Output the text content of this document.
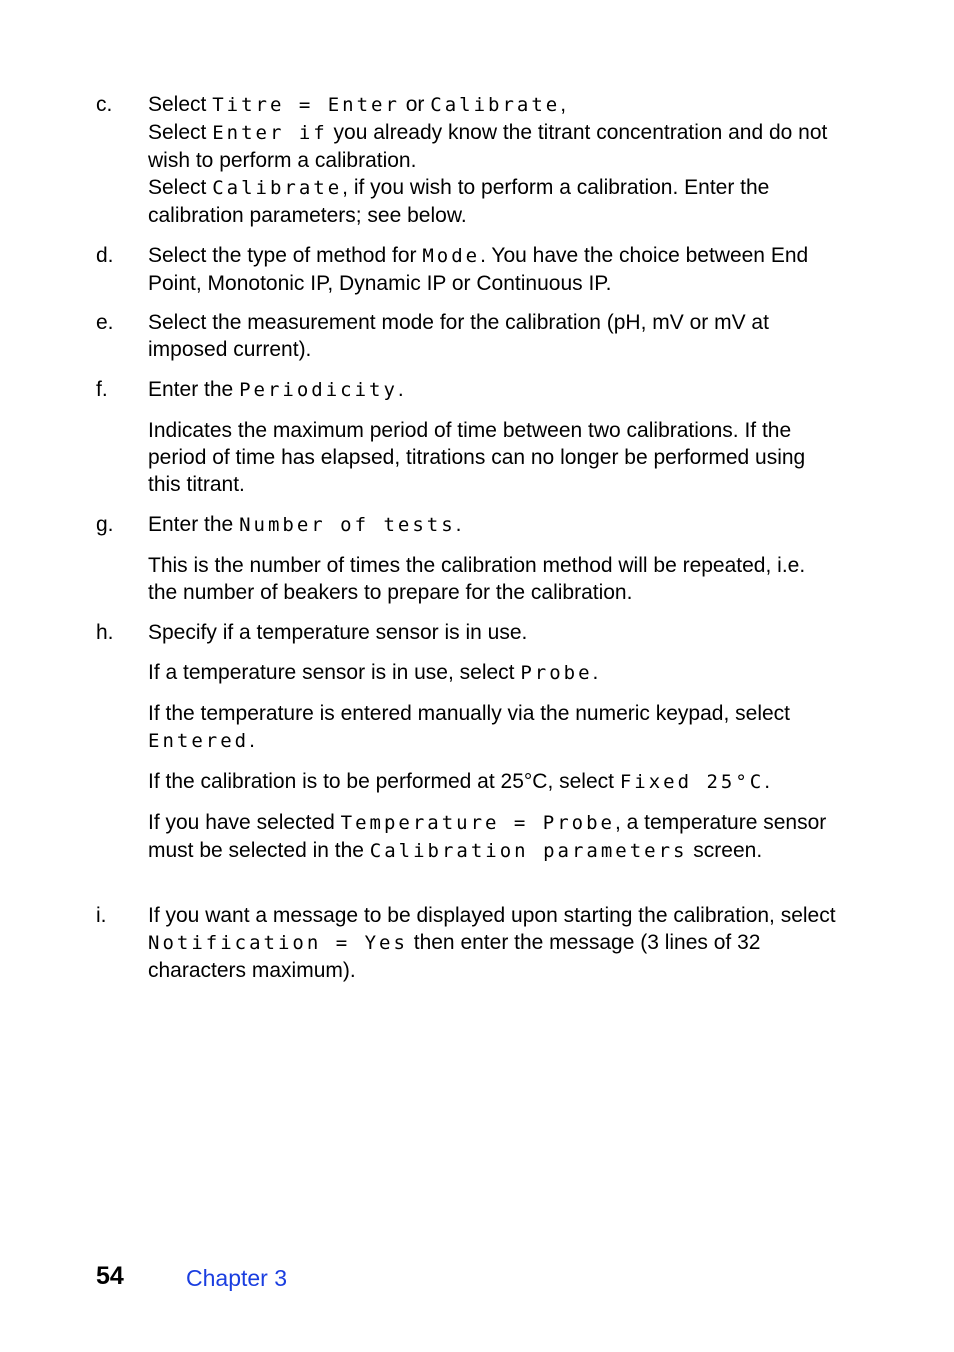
c. Select Titre = Enter or Calibrate,
Select Enter if you already know the titrant concentration and do not wish to perform a calibration.
Select Calibrate, if you wish to perform a calibration. Enter the calibration parameters; see below.

d. Select the type of method for Mode. You have the choice between End Point, Monotonic IP, Dynamic IP or Continuous IP.

e. Select the measurement mode for the calibration (pH, mV or mV at imposed current).

f. Enter the Periodicity.

Indicates the maximum period of time between two calibrations. If the period of time has elapsed, titrations can no longer be performed using this titrant.

g. Enter the Number of tests.

This is the number of times the calibration method will be repeated, i.e. the number of beakers to prepare for the calibration.

h. Specify if a temperature sensor is in use.

If a temperature sensor is in use, select Probe.

If the temperature is entered manually via the numeric keypad, select Entered.

If the calibration is to be performed at 25°C, select Fixed 25°C.

If you have selected Temperature = Probe, a temperature sensor must be selected in the Calibration parameters screen.

i. If you want a message to be displayed upon starting the calibration, select Notification = Yes then enter the message (3 lines of 32 characters maximum).

54	Chapter 3
